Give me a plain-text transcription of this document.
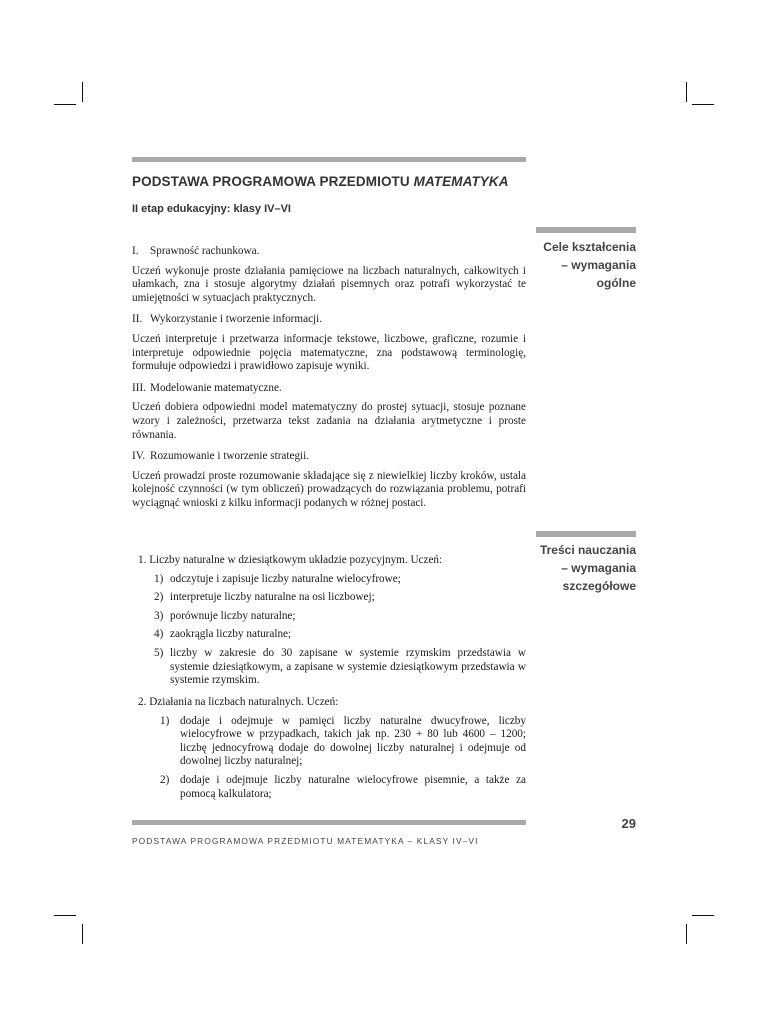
PODSTAWA PROGRAMOWA PRZEDMIOTU MATEMATYKA
II etap edukacyjny: klasy IV–VI
Cele kształcenia
– wymagania
ogólne
I. Sprawność rachunkowa.
Uczeń wykonuje proste działania pamięciowe na liczbach naturalnych, całkowitych i ułamkach, zna i stosuje algorytmy działań pisemnych oraz potrafi wykorzystać te umiejętności w sytuacjach praktycznych.
II. Wykorzystanie i tworzenie informacji.
Uczeń interpretuje i przetwarza informacje tekstowe, liczbowe, graficzne, rozumie i interpretuje odpowiednie pojęcia matematyczne, zna podstawową terminologię, formułuje odpowiedzi i prawidłowo zapisuje wyniki.
III. Modelowanie matematyczne.
Uczeń dobiera odpowiedni model matematyczny do prostej sytuacji, stosuje poznane wzory i zależności, przetwarza tekst zadania na działania arytmetyczne i proste równania.
IV. Rozumowanie i tworzenie strategii.
Uczeń prowadzi proste rozumowanie składające się z niewielkiej liczby kroków, ustala kolejność czynności (w tym obliczeń) prowadzących do rozwiązania problemu, potrafi wyciągnąć wnioski z kilku informacji podanych w różnej postaci.
Treści nauczania
– wymagania
szczegółowe
1. Liczby naturalne w dziesiątkowym układzie pozycyjnym. Uczeń:
1) odczytuje i zapisuje liczby naturalne wielocyfrowe;
2) interpretuje liczby naturalne na osi liczbowej;
3) porównuje liczby naturalne;
4) zaokrągla liczby naturalne;
5) liczby w zakresie do 30 zapisane w systemie rzymskim przedstawia w systemie dziesiątkowym, a zapisane w systemie dziesiątkowym przedstawia w systemie rzymskim.
2. Działania na liczbach naturalnych. Uczeń:
1) dodaje i odejmuje w pamięci liczby naturalne dwucyfrowe, liczby wielocyfrowe w przypadkach, takich jak np. 230 + 80 lub 4600 – 1200; liczbę jednocyfrową dodaje do dowolnej liczby naturalnej i odejmuje od dowolnej liczby naturalnej;
2) dodaje i odejmuje liczby naturalne wielocyfrowe pisemnie, a także za pomocą kalkulatora;
29
PODSTAWA PROGRAMOWA PRZEDMIOTU MATEMATYKA – KLASY IV–VI
